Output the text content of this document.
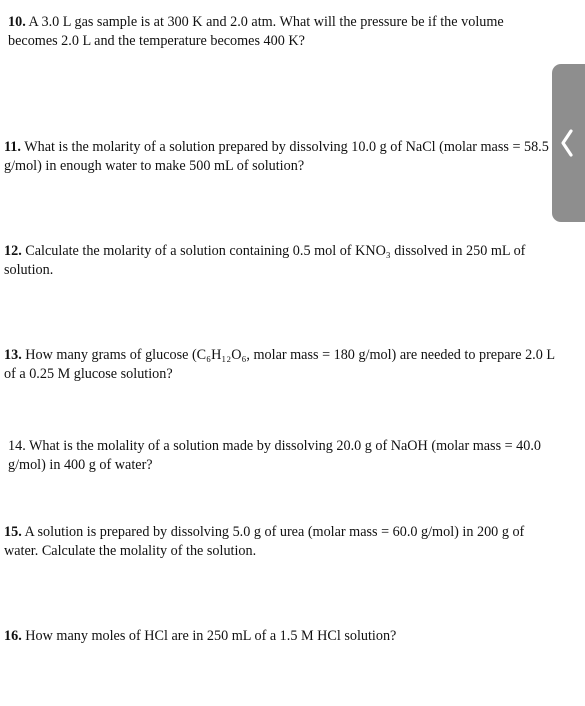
10. A 3.0 L gas sample is at 300 K and 2.0 atm. What will the pressure be if the volume
becomes 2.0 L and the temperature becomes 400 K?
11. What is the molarity of a solution prepared by dissolving 10.0 g of NaCl (molar mass = 58.5
g/mol) in enough water to make 500 mL of solution?
12. Calculate the molarity of a solution containing 0.5 mol of KNO₃ dissolved in 250 mL of
solution.
13. How many grams of glucose (C₆H₁₂O₆, molar mass = 180 g/mol) are needed to prepare 2.0 L
of a 0.25 M glucose solution?
14. What is the molality of a solution made by dissolving 20.0 g of NaOH (molar mass = 40.0
g/mol) in 400 g of water?
15. A solution is prepared by dissolving 5.0 g of urea (molar mass = 60.0 g/mol) in 200 g of
water. Calculate the molality of the solution.
16. How many moles of HCl are in 250 mL of a 1.5 M HCl solution?
